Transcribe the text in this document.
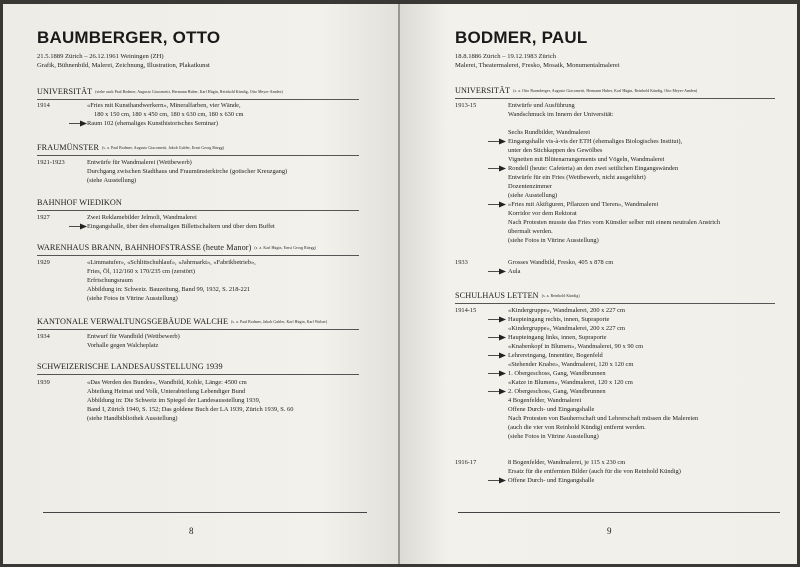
BAUMBERGER, OTTO
21.5.1889 Zürich – 26.12.1961 Weiningen (ZH)
Grafik, Bühnenbild, Malerei, Zeichnung, Illustration, Plakatkunst
UNIVERSITÄT (siehe auch Paul Bodmer, Augusto Giacometti, Hermann Huber, Karl Hügin, Reinhold Kündig, Otto Meyer-Amden)
1914	«Fries mit Kunsthandwerkern», Mineralfarben, vier Wände,
180 x 150 cm, 180 x 450 cm, 180 x 630 cm, 180 x 630 cm
Raum 102 (ehemaliges Kunsthistorisches Seminar)
FRAUMÜNSTER (s. a. Paul Bodmer, Augusto Giacometti, Jakob Gubler, Ernst Georg Rüegg)
1921-1923	Entwürfe für Wandmalerei (Wettbewerb)
Durchgang zwischen Stadthaus und Fraumünsterkirche (gotischer Kreuzgang)
(siehe Ausstellung)
BAHNHOF WIEDIKON
1927	Zwei Reklamebilder Jelmoli, Wandmalerei
Eingangshalle, über den ehemaligen Billettschaltern und über dem Buffet
WARENHAUS BRANN, BAHNHOFSTRASSE (heute Manor) (s. a. Karl Hügin, Ernst Georg Rüegg)
1929	«Limmatufer», «Schlittschuhlauf», «Jahrmarkt», «Fabrikbetrieb»,
Fries, Öl, 112/160 x 170/235 cm (zerstört)
Erfrischungsraum
Abbildung in: Schweiz. Bauzeitung, Band 99, 1932, S. 218-221
(siehe Fotos in Vitrine Ausstellung)
KANTONALE VERWALTUNGSGEBÄUDE WALCHE (s. a. Paul Bodmer, Jakob Gubler, Karl Hügin, Karl Walser)
1934	Entwurf für Wandbild (Wettbewerb)
Vorhalle gegen Walcheplatz
SCHWEIZERISCHE LANDESAUSSTELLUNG 1939
1939	«Das Werden des Bundes», Wandbild, Kohle, Länge: 4500 cm
Abteilung Heimat und Volk, Unterabteilung Lebendiger Bund
Abbildung in: Die Schweiz im Spiegel der Landesausstellung 1939,
Band I, Zürich 1940, S. 152; Das goldene Buch der LA 1939, Zürich 1939, S. 60
(siehe Handbibliothek Ausstellung)
8
BODMER, PAUL
18.8.1886 Zürich – 19.12.1983 Zürich
Malerei, Theatermalerei, Fresko, Mosaik, Monumentalmalerei
UNIVERSITÄT (s. a. Otto Baumberger, Augusto Giacometti, Hermann Huber, Karl Hügin, Reinhold Kündig, Otto Meyer-Amden)
1913-15	Entwürfe und Ausführung
Wandschmuck im Innern der Universität:
Sechs Rundbilder, Wandmalerei
Eingangshalle vis-à-vis der ETH (ehemaliges Biologisches Institut),
unter den Stichkappen des Gewölbes
Vignetten mit Blütenarrangements und Vögeln, Wandmalerei
Rondell (heute: Cafeteria) an den zwei seitlichen Eingangswänden
Entwürfe für ein Fries (Wettbewerb, nicht ausgeführt)
Dozentenzimmer
(siehe Ausstellung)
»Fries mit Aktfiguren, Pflanzen und Tieren», Wandmalerei
Korridor vor dem Rektorat
Nach Protesten musste das Fries vom Künstler selber mit einem neutralen Anstrich
übermalt werden.
(siehe Fotos in Vitrine Ausstellung)
1933	Grosses Wandbild, Fresko, 405 x 878 cm
Aula
SCHULHAUS LETTEN (s. a. Reinhold Kündig)
1914-15	«Kindergruppe», Wandmalerei, 200 x 227 cm
Haupteingang rechts, innen, Supraporte
«Kindergruppe», Wandmalerei, 200 x 227 cm
Haupteingang links, innen, Supraporte
«Knabenkopf in Blumen», Wandmalerei, 90 x 90 cm
Lehrereingang, Innentüre, Bogenfeld
«Stehender Knabe», Wandmalerei, 120 x 120 cm
1. Obergeschoss, Gang, Wandbrunnen
«Katze in Blumen», Wandmalerei, 120 x 120 cm
2. Obergeschoss, Gang, Wandbrunnen
4 Bogenfelder, Wandmalerei
Offene Durch- und Eingangshalle
Nach Protesten von Bauherrschaft und Lehrerschaft müssen die Malereien
(auch die vier von Reinhold Kündig) entfernt werden.
(siehe Fotos in Vitrine Ausstellung)
1916-17	8 Bogenfelder, Wandmalerei, je 115 x 230 cm
Ersatz für die entfernten Bilder (auch für die von Reinhold Kündig)
Offene Durch- und Eingangshalle
9
